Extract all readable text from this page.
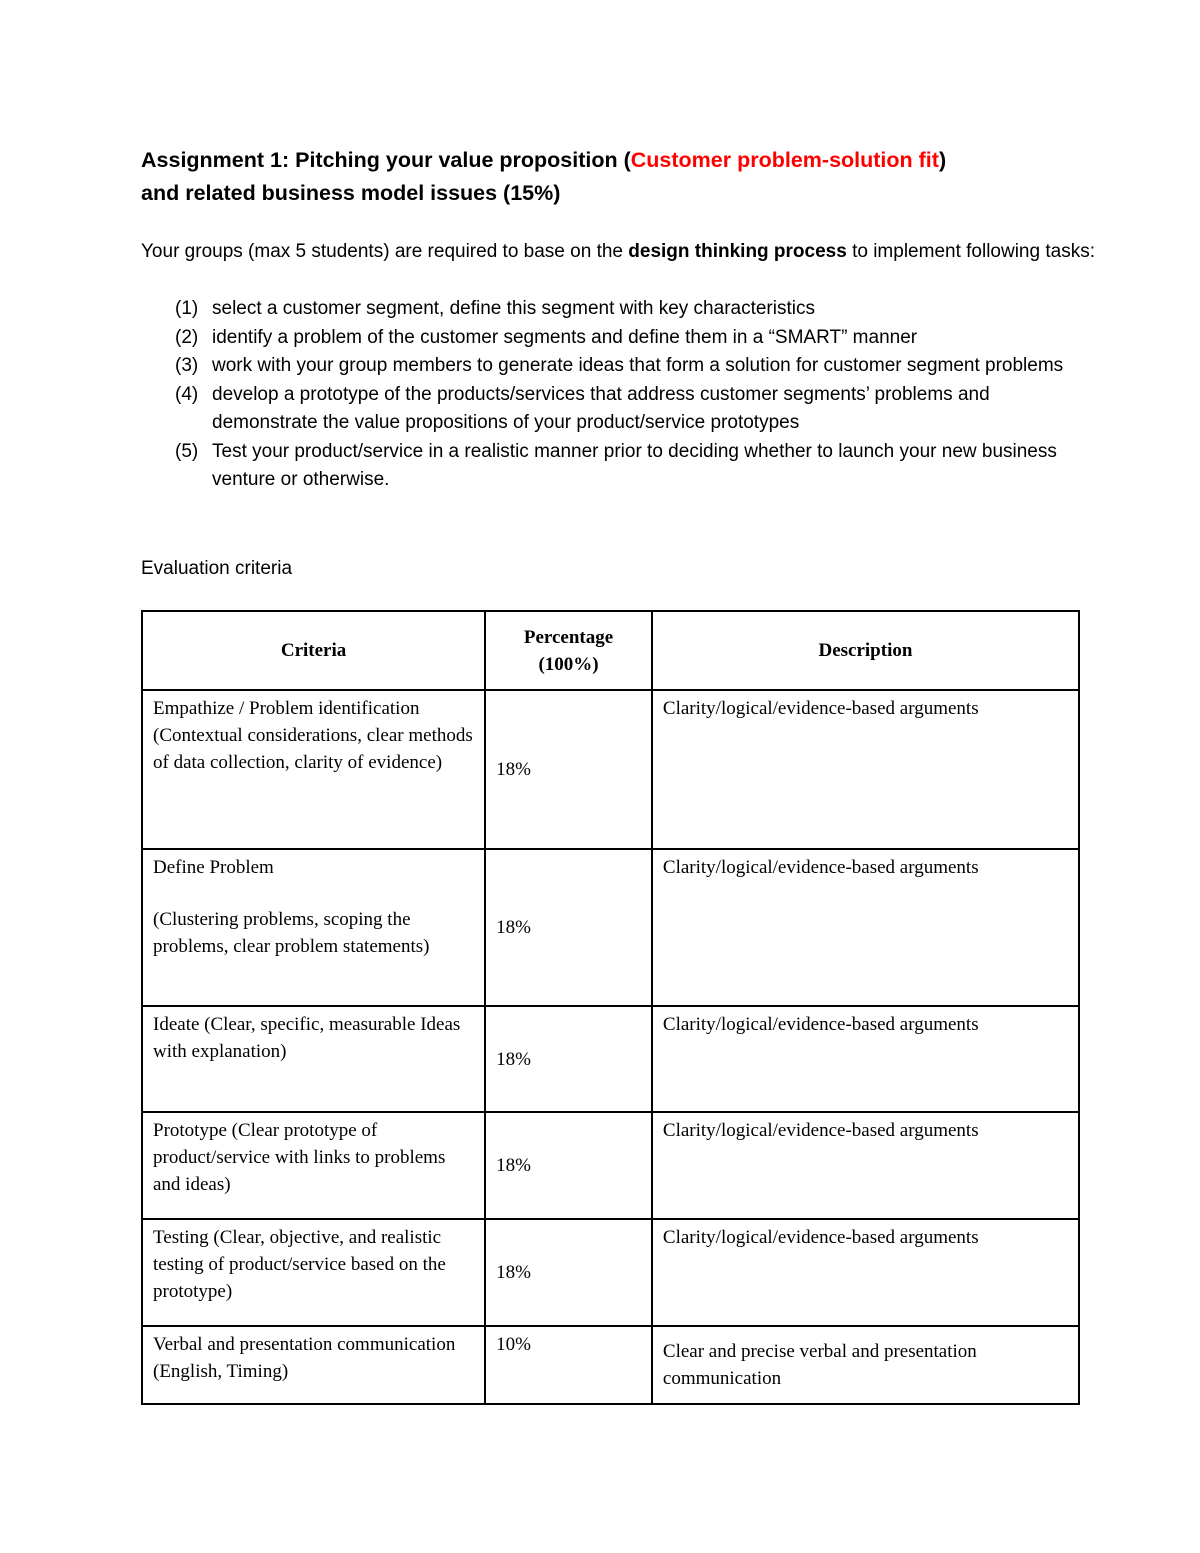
Assignment 1: Pitching your value proposition (Customer problem-solution fit)
and related business model issues (15%)
Your groups (max 5 students) are required to base on the design thinking process to implement following tasks:
(1) select a customer segment, define this segment with key characteristics
(2) identify a problem of the customer segments and define them in a “SMART” manner
(3) work with your group members to generate ideas that form a solution for customer segment problems
(4) develop a prototype of the products/services that address customer segments’ problems and demonstrate the value propositions of your product/service prototypes
(5) Test your product/service in a realistic manner prior to deciding whether to launch your new business venture or otherwise.
Evaluation criteria
Criteria	Percentage (100%)	Description
Empathize / Problem identification (Contextual considerations, clear methods of data collection, clarity of evidence)	18%	Clarity/logical/evidence-based arguments
Define Problem
(Clustering problems, scoping the problems, clear problem statements)	18%	Clarity/logical/evidence-based arguments
Ideate (Clear, specific, measurable Ideas with explanation)	18%	Clarity/logical/evidence-based arguments
Prototype (Clear prototype of product/service with links to problems and ideas)	18%	Clarity/logical/evidence-based arguments
Testing (Clear, objective, and realistic testing of product/service based on the prototype)	18%	Clarity/logical/evidence-based arguments
Verbal and presentation communication (English, Timing)	10%	Clear and precise verbal and presentation communication
